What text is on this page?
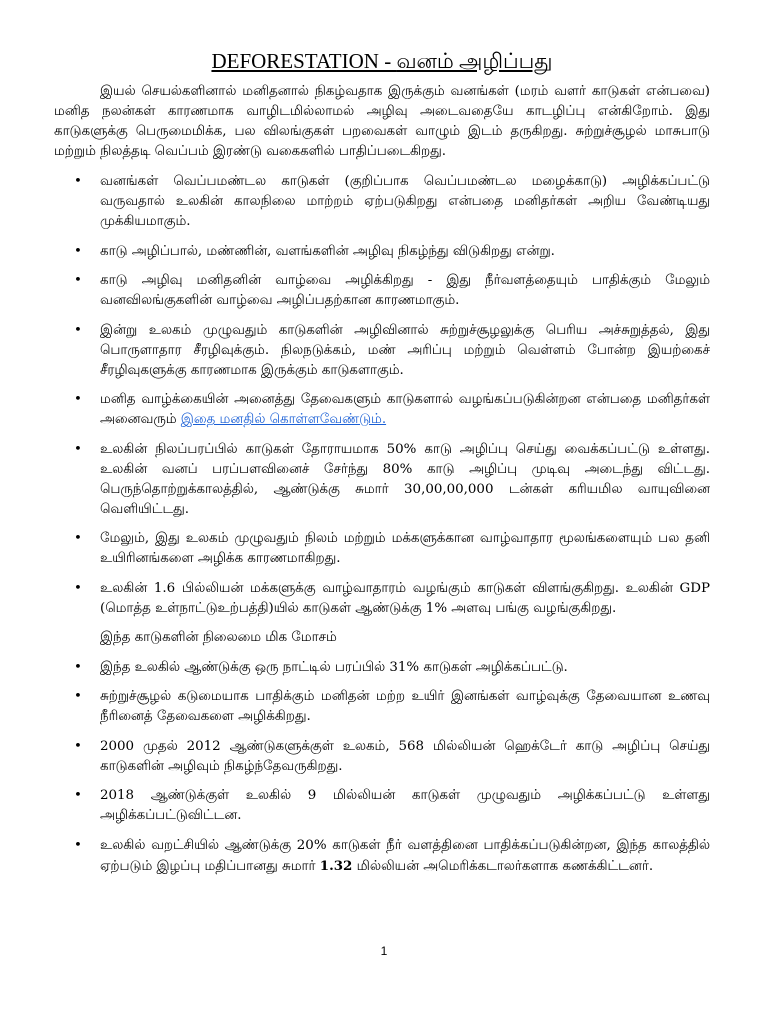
DEFORESTATION - வனம் அழிப்பது

இயல் செயல்களினால் மனிதனால் நிகழ்வதாக இருக்கும் வனங்கள் (மரம் வளர் காடுகள் என்பவை) மனித நலன்கள் காரணமாக வாழிடமில்லாமல் அழிவு அடைவதையே காடழிப்பு என்கிறோம். இது காடுகளுக்கு பெருமைமிக்க, பல விலங்குகள் பறவைகள் வாழும் இடம் தருகிறது. சுற்றுச்சூழல் மாசுபாடு மற்றும் நிலத்தடி வெப்பம் இரண்டு வகைகளில் பாதிப்படைகிறது.

• வனங்கள் வெப்பமண்டல காடுகள் (குறிப்பாக வெப்பமண்டல மழைக்காடு) அழிக்கப்பட்டு வருவதால் உலகின் காலநிலை மாற்றம் ஏற்படுகிறது என்பதை மனிதர்கள் அறிய வேண்டியது முக்கியமாகும்.
• காடு அழிப்பால், மண்ணின், வளங்களின் அழிவு நிகழ்ந்து விடுகிறது என்று.
• காடு அழிவு மனிதனின் வாழ்வை அழிக்கிறது - இது நீர்வளத்தையும் பாதிக்கும் மேலும் வனவிலங்குகளின் வாழ்வை அழிப்பதற்கான காரணமாகும்.
• இன்று உலகம் முழுவதும் காடுகளின் அழிவினால் சுற்றுச்சூழலுக்கு பெரிய அச்சுறுத்தல், இது பொருளாதார சீரழிவுக்கும். நிலநடுக்கம், மண் அரிப்பு மற்றும் வெள்ளம் போன்ற இயற்கைச் சீரழிவுகளுக்கு காரணமாக இருக்கும் காடுகளாகும்.
• மனித வாழ்க்கையின் அனைத்து தேவைகளும் காடுகளால் வழங்கப்படுகின்றன என்பதை மனிதர்கள் அனைவரும் இதை மனதில் கொள்ளவேண்டும்.
• உலகின் நிலப்பரப்பில் காடுகள் தோராயமாக 50% காடு அழிப்பு செய்து வைக்கப்பட்டு உள்ளது. உலகின் வனப் பரப்பளவினைச் சேர்ந்து 80% காடு அழிப்பு முடிவு அடைந்து விட்டது. பெருந்தொற்றுக்காலத்தில், ஆண்டுக்கு சுமார் 30,00,00,000 டன்கள் கரியமில வாயுவினை வெளியிட்டது.
• மேலும், இது உலகம் முழுவதும் நிலம் மற்றும் மக்களுக்கான வாழ்வாதார மூலங்களையும் பல தனி உயிரினங்களை அழிக்க காரணமாகிறது.
• உலகின் 1.6 பில்லியன் மக்களுக்கு வாழ்வாதாரம் வழங்கும் காடுகள் விளங்குகிறது. உலகின் GDP (மொத்த உள்நாட்டுஉற்பத்தி)யில் காடுகள் ஆண்டுக்கு 1% அளவு பங்கு வழங்குகிறது.
இந்த காடுகளின் நிலைமை மிக மோசம்
• இந்த உலகில் ஆண்டுக்கு ஒரு நாட்டில் பரப்பில் 31% காடுகள் அழிக்கப்பட்டு.
• சுற்றுச்சூழல் கடுமையாக பாதிக்கும் மனிதன் மற்ற உயிர் இனங்கள் வாழ்வுக்கு தேவையான உணவு நீரினைத் தேவைகளை அழிக்கிறது.
• 2000 முதல் 2012 ஆண்டுகளுக்குள் உலகம், 568 மில்லியன் ஹெக்டேர் காடு அழிப்பு செய்து காடுகளின் அழிவும் நிகழ்ந்தேவருகிறது.
• 2018 ஆண்டுக்குள் உலகில் 9 மில்லியன் காடுகள் முழுவதும் அழிக்கப்பட்டு உள்ளது அழிக்கப்பட்டுவிட்டன.
• உலகில் வறட்சியில் ஆண்டுக்கு 20% காடுகள் நீர் வளத்தினை பாதிக்கப்படுகின்றன, இந்த காலத்தில் ஏற்படும் இழப்பு மதிப்பானது சுமார் 1.32 மில்லியன் அமெரிக்கடாலர்களாக கணக்கிட்டனர்.
1
